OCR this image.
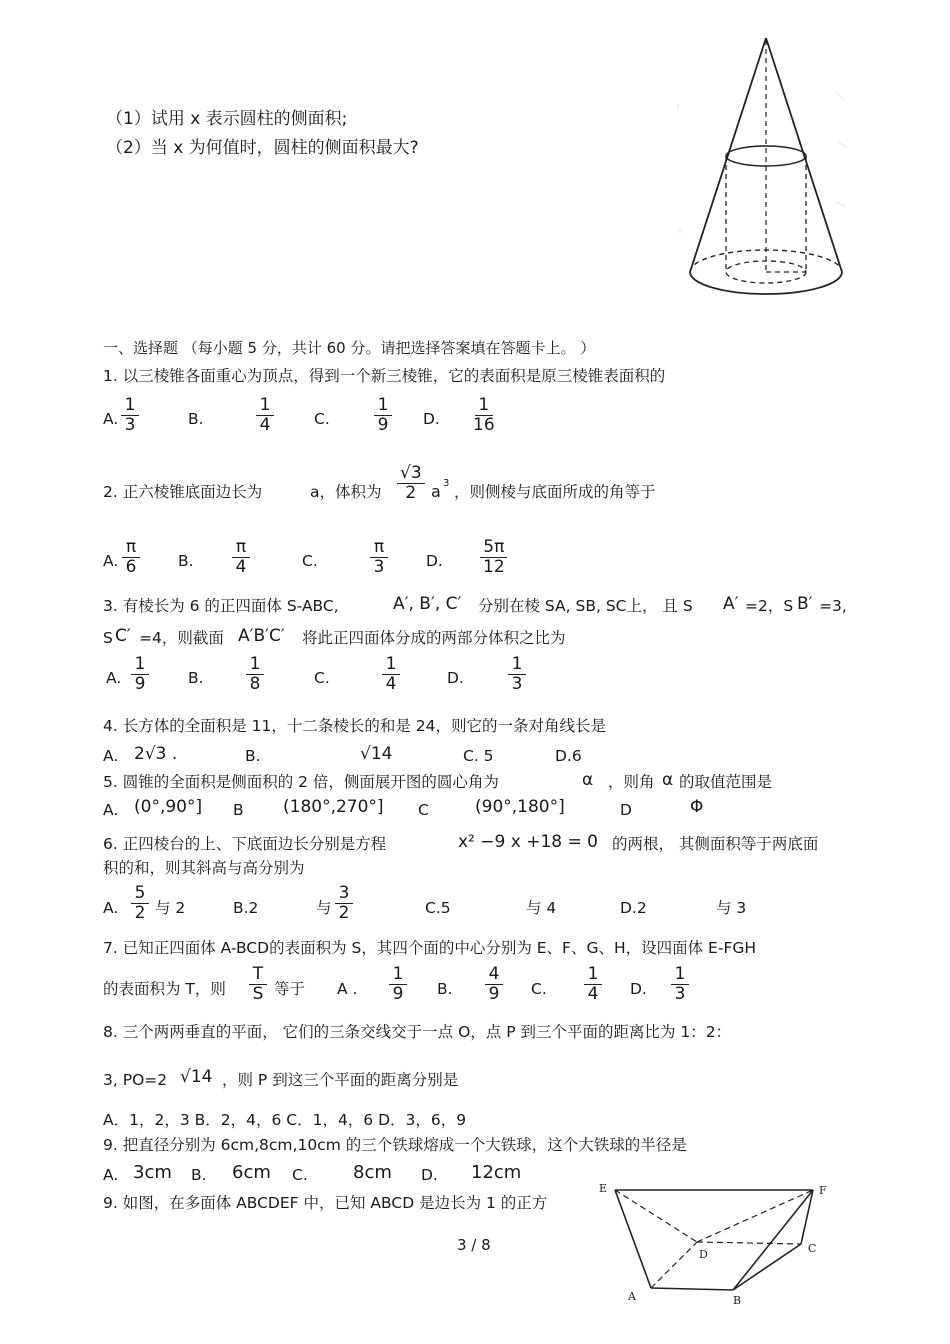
（1）试用 x 表示圆柱的侧面积;
（2）当 x 为何值时，圆柱的侧面积最大?
一、选择题 （每小题 5 分，共计 60 分。请把选择答案填在答题卡上。 ）
1. 以三棱锥各面重心为顶点，得到一个新三棱锥，它的表面积是原三棱锥表面积的
A. $\frac{1}{3}$	B.	$\frac{1}{4}$	C.	$\frac{1}{9} D$. $\frac{1}{16}$
2. 正六棱锥底面边长为	a，体积为 $\frac{√3}{2}$ a 3 ，则侧棱与底面所成的角等于
A. $\frac{\pi}{6} B$. $\frac{\pi}{4}$	C.	$\frac{\pi}{3} D$. $\frac{5\pi}{12}$
3. 有棱长为 6 的正四面体 S-ABC,	A′, B′, C′ 分别在棱 SA, SB, SC上， 且 S A′ =2，S B′ =3,
S C′ =4，则截面 A′B′C′ 将此正四面体分成的两部分体积之比为
A. $\frac{1}{9}$	B. $\frac{1}{8}$	C.	$\frac{1}{4}$	D.	$\frac{1}{3}$
4. 长方体的全面积是 11，十二条棱长的和是 24，则它的一条对角线长是
A. 2√3 .	B.	√14	C. 5	D.6
5. 圆锥的全面积是侧面积的 2 倍，侧面展开图的圆心角为	α ，则角 α 的取值范围是
A. (0°,90°] B (180°,270°] C	(90°,180°]	D	Φ
6. 正四棱台的上、下底面边长分别是方程	x² −9 x +18 = 0 的两根， 其侧面积等于两底面
积的和，则其斜高与高分别为
A. $\frac{5}{2}$ 与 2	B.2	与 $\frac{3}{2}$	C.5	与 4	D.2	与 3
7. 已知正四面体 A-BCD的表面积为 S，其四个面的中心分别为 E、F、G、H，设四面体 E-FGH
的表面积为 T，则 $\frac{T}{S}$ 等于 A . $\frac{1}{9} B$. $\frac{4}{9} C$. $\frac{1}{4} D$. $\frac{1}{3}$
8. 三个两两垂直的平面， 它们的三条交线交于一点 O，点 P 到三个平面的距离比为 1：2：
3, PO=2 √14 ，则 P 到这三个平面的距离分别是
A．1，2，3 B．2，4，6 C．1，4，6 D．3，6，9
9. 把直径分别为 6cm,8cm,10cm 的三个铁球熔成一个大铁球，这个大铁球的半径是
A. 3cm B. 6cm C.	8cm D. 12cm
9. 如图，在多面体 ABCDEF 中，已知 ABCD 是边长为 1 的正方
E	F
D	C
A	B
3 / 8
